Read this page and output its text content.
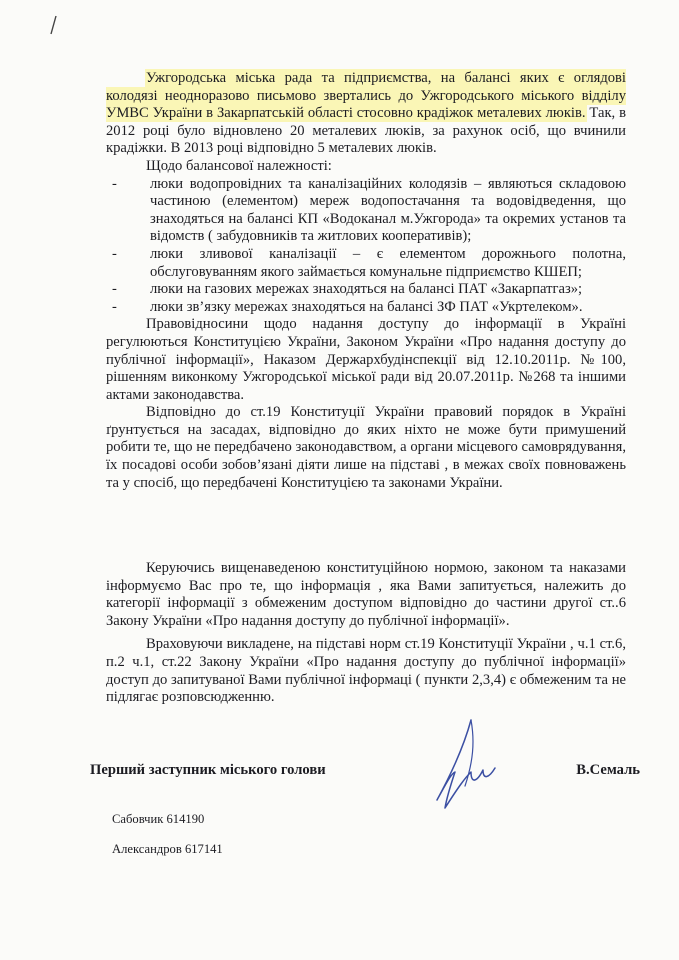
Ужгородська міська рада та підприємства, на балансі яких є оглядові колодязі неодноразово письмово звертались до Ужгородського міського відділу УМВС України в Закарпатській області стосовно крадіжок металевих люків. Так, в 2012 році було відновлено 20 металевих люків, за рахунок осіб, що вчинили крадіжки. В 2013 році відповідно 5 металевих люків.

Щодо балансової належності:

- люки водопровідних та каналізаційних колодязів – являються складовою частиною (елементом) мереж водопостачання та водовідведення, що знаходяться на балансі КП «Водоканал м.Ужгорода» та окремих установ та відомств ( забудовників та житлових кооперативів);
- люки зливової каналізації – є елементом дорожнього полотна, обслуговуванням якого займається комунальне підприємство КШЕП;
- люки на газових мережах знаходяться на балансі ПАТ «Закарпатгаз»;
- люки зв’язку мережах знаходяться на балансі ЗФ ПАТ «Укртелеком».

Правовідносини щодо надання доступу до інформації в Україні регулюються Конституцією України, Законом України «Про надання доступу до публічної інформації», Наказом Держархбудінспекції від 12.10.2011р. №100, рішенням виконкому Ужгородської міської ради від 20.07.2011р. №268 та іншими актами законодавства.

Відповідно до ст.19 Конституції України правовий порядок в Україні ґрунтується на засадах, відповідно до яких ніхто не може бути примушений робити те, що не передбачено законодавством, а органи місцевого самоврядування, їх посадові особи зобов’язані діяти лише на підставі , в межах своїх повноважень та у спосіб, що передбачені Конституцією та законами України.

Керуючись вищенаведеною конституційною нормою, законом та наказами інформуємо Вас про те, що інформація , яка Вами запитується, належить до категорії інформації з обмеженим доступом відповідно до частини другої ст..6 Закону України «Про надання доступу до публічної інформації».

Враховуючи викладене, на підставі норм ст.19 Конституції України , ч.1 ст.6, п.2 ч.1, ст.22 Закону України «Про надання доступу до публічної інформації» доступ до запитуваної Вами публічної інформаці ( пункти 2,3,4) є обмеженим та не підлягає розповсюдженню.

Перший заступник міського голови	В.Семаль
Сабовчик 614190
Александров 617141
